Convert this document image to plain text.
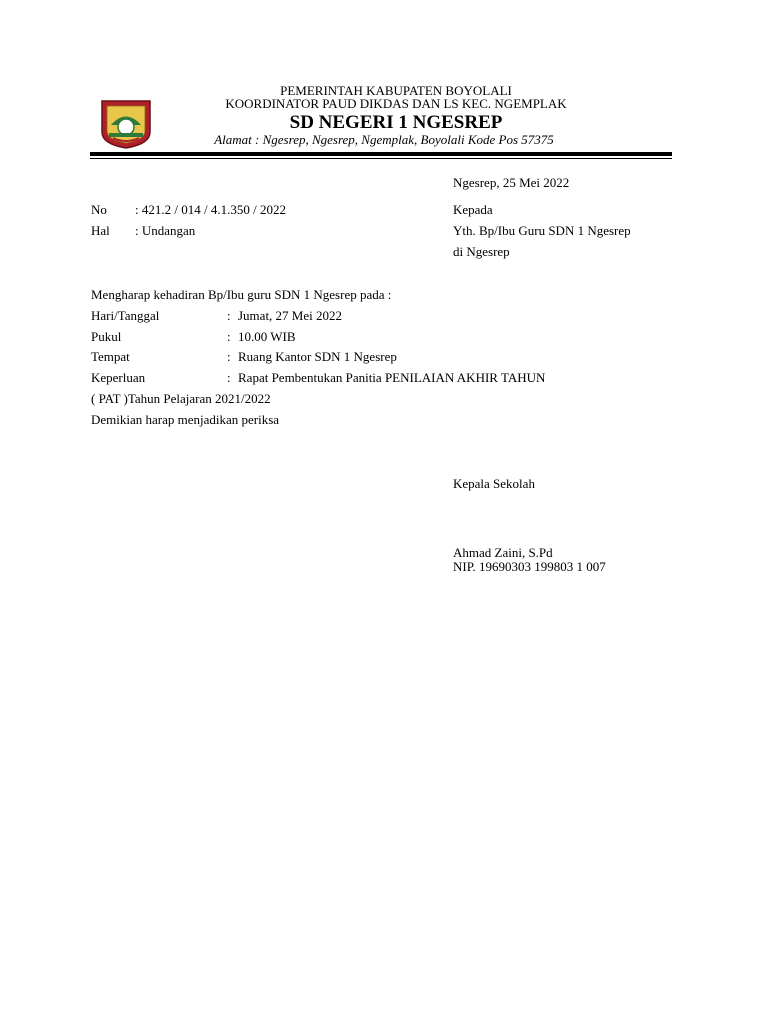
PEMERINTAH KABUPATEN BOYOLALI
KOORDINATOR PAUD DIKDAS DAN LS KEC. NGEMPLAK
SD NEGERI 1 NGESREP
Alamat : Ngesrep, Ngesrep, Ngemplak, Boyolali Kode Pos 57375
Ngesrep, 25 Mei 2022
No : 421.2 / 014 / 4.1.350 / 2022
Hal : Undangan
Kepada
Yth. Bp/Ibu Guru SDN 1 Ngesrep
di Ngesrep
Mengharap kehadiran Bp/Ibu guru SDN 1 Ngesrep pada :
Hari/Tanggal	: Jumat, 27 Mei 2022
Pukul	: 10.00 WIB
Tempat	: Ruang Kantor SDN 1 Ngesrep
Keperluan	: Rapat Pembentukan Panitia PENILAIAN AKHIR TAHUN
( PAT )Tahun Pelajaran 2021/2022
Demikian harap menjadikan periksa
Kepala Sekolah
Ahmad Zaini, S.Pd
NIP. 19690303 199803 1 007
